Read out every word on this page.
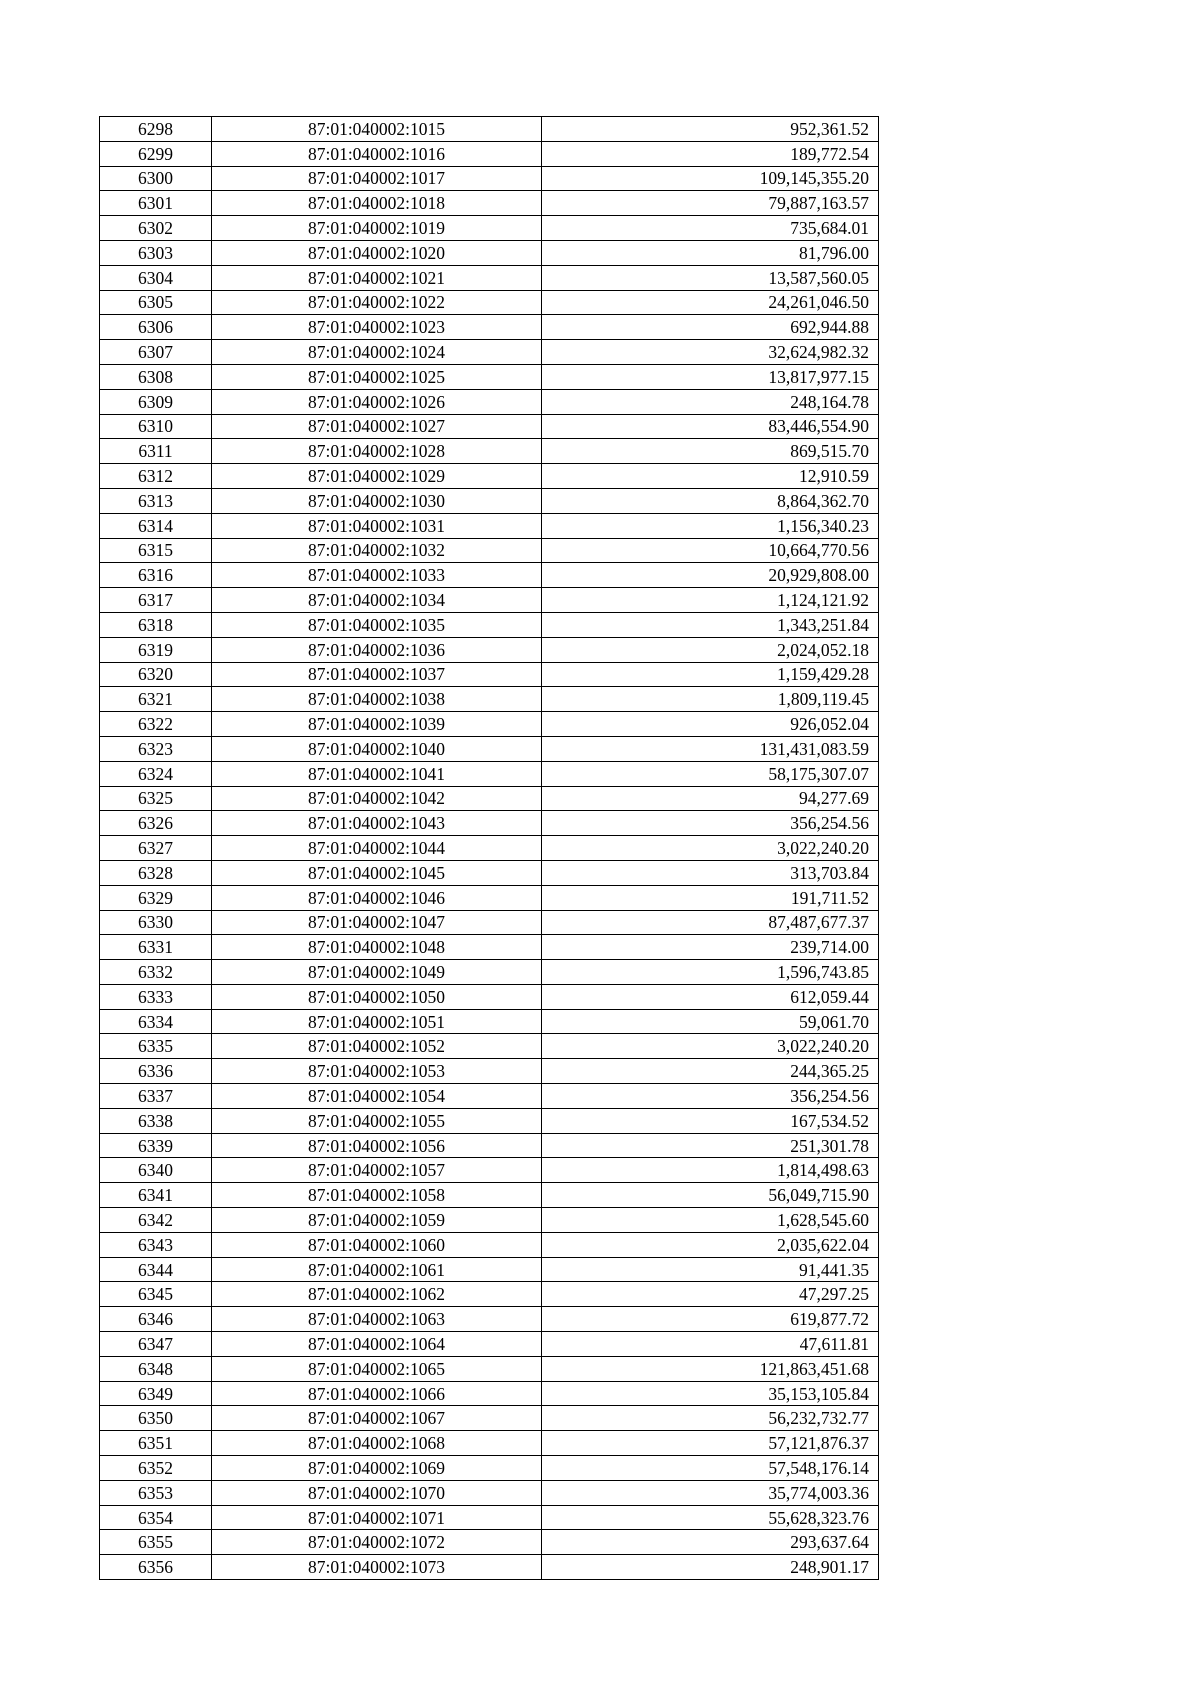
6298	87:01:040002:1015	952,361.52
6299	87:01:040002:1016	189,772.54
6300	87:01:040002:1017	109,145,355.20
6301	87:01:040002:1018	79,887,163.57
6302	87:01:040002:1019	735,684.01
6303	87:01:040002:1020	81,796.00
6304	87:01:040002:1021	13,587,560.05
6305	87:01:040002:1022	24,261,046.50
6306	87:01:040002:1023	692,944.88
6307	87:01:040002:1024	32,624,982.32
6308	87:01:040002:1025	13,817,977.15
6309	87:01:040002:1026	248,164.78
6310	87:01:040002:1027	83,446,554.90
6311	87:01:040002:1028	869,515.70
6312	87:01:040002:1029	12,910.59
6313	87:01:040002:1030	8,864,362.70
6314	87:01:040002:1031	1,156,340.23
6315	87:01:040002:1032	10,664,770.56
6316	87:01:040002:1033	20,929,808.00
6317	87:01:040002:1034	1,124,121.92
6318	87:01:040002:1035	1,343,251.84
6319	87:01:040002:1036	2,024,052.18
6320	87:01:040002:1037	1,159,429.28
6321	87:01:040002:1038	1,809,119.45
6322	87:01:040002:1039	926,052.04
6323	87:01:040002:1040	131,431,083.59
6324	87:01:040002:1041	58,175,307.07
6325	87:01:040002:1042	94,277.69
6326	87:01:040002:1043	356,254.56
6327	87:01:040002:1044	3,022,240.20
6328	87:01:040002:1045	313,703.84
6329	87:01:040002:1046	191,711.52
6330	87:01:040002:1047	87,487,677.37
6331	87:01:040002:1048	239,714.00
6332	87:01:040002:1049	1,596,743.85
6333	87:01:040002:1050	612,059.44
6334	87:01:040002:1051	59,061.70
6335	87:01:040002:1052	3,022,240.20
6336	87:01:040002:1053	244,365.25
6337	87:01:040002:1054	356,254.56
6338	87:01:040002:1055	167,534.52
6339	87:01:040002:1056	251,301.78
6340	87:01:040002:1057	1,814,498.63
6341	87:01:040002:1058	56,049,715.90
6342	87:01:040002:1059	1,628,545.60
6343	87:01:040002:1060	2,035,622.04
6344	87:01:040002:1061	91,441.35
6345	87:01:040002:1062	47,297.25
6346	87:01:040002:1063	619,877.72
6347	87:01:040002:1064	47,611.81
6348	87:01:040002:1065	121,863,451.68
6349	87:01:040002:1066	35,153,105.84
6350	87:01:040002:1067	56,232,732.77
6351	87:01:040002:1068	57,121,876.37
6352	87:01:040002:1069	57,548,176.14
6353	87:01:040002:1070	35,774,003.36
6354	87:01:040002:1071	55,628,323.76
6355	87:01:040002:1072	293,637.64
6356	87:01:040002:1073	248,901.17
